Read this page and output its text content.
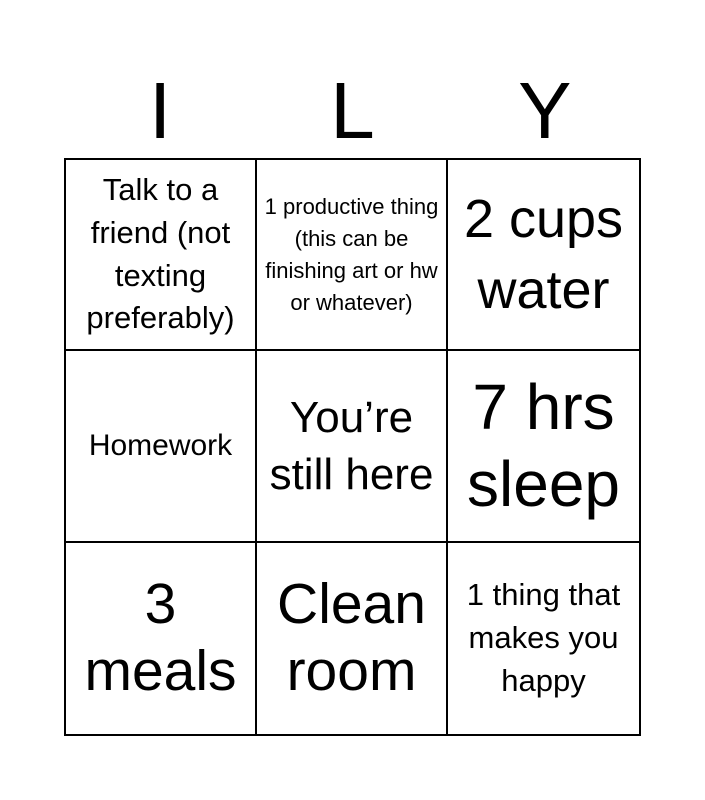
I	L	Y
Talk to a friend (not texting preferably)
1 productive thing (this can be finishing art or hw or whatever)
2 cups water
Homework
You’re still here
7 hrs sleep
3 meals
Clean room
1 thing that makes you happy
